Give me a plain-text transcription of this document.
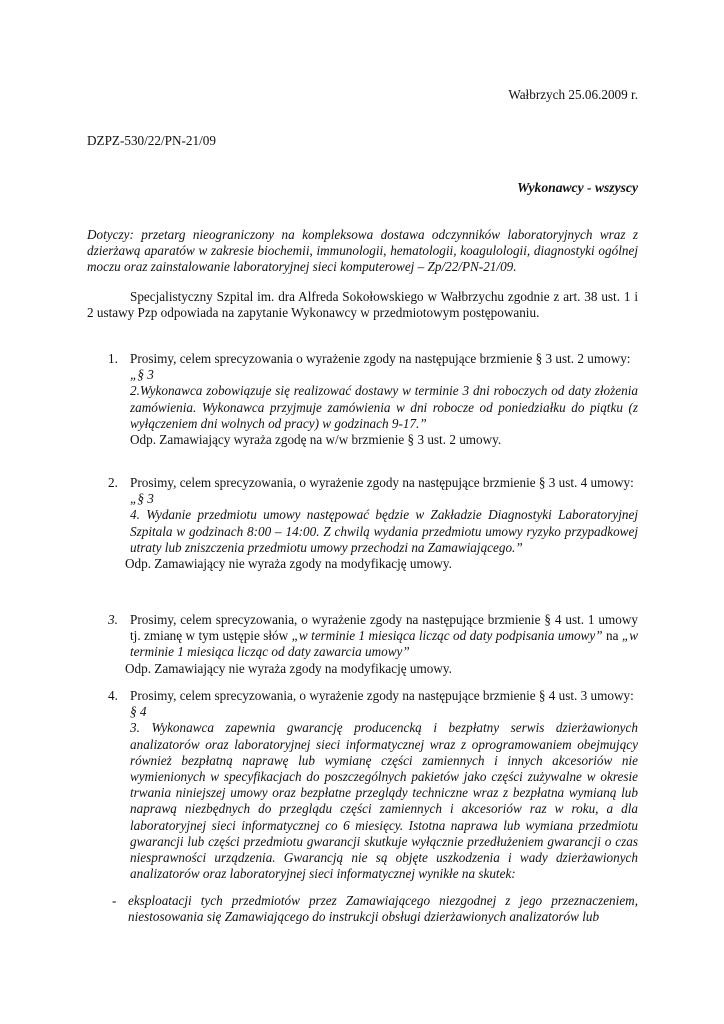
Wałbrzych 25.06.2009 r.
DZPZ-530/22/PN-21/09
Wykonawcy - wszyscy
Dotyczy: przetarg nieograniczony na kompleksowa dostawa odczynników laboratoryjnych wraz z dzierżawą aparatów w zakresie biochemii, immunologii, hematologii, koagulologii, diagnostyki ogólnej moczu oraz zainstalowanie laboratoryjnej sieci komputerowej – Zp/22/PN-21/09.
Specjalistyczny Szpital im. dra Alfreda Sokołowskiego w Wałbrzychu zgodnie z art. 38 ust. 1 i 2 ustawy Pzp odpowiada na zapytanie Wykonawcy w przedmiotowym postępowaniu.
1. Prosimy, celem sprecyzowania o wyrażenie zgody na następujące brzmienie § 3 ust. 2 umowy:
„§ 3
2.Wykonawca zobowiązuje się realizować dostawy w terminie 3 dni roboczych od daty złożenia zamówienia. Wykonawca przyjmuje zamówienia w dni robocze od poniedziałku do piątku (z wyłączeniem dni wolnych od pracy) w godzinach 9-17.”
Odp. Zamawiający wyraża zgodę na w/w brzmienie § 3 ust. 2 umowy.
2. Prosimy, celem sprecyzowania, o wyrażenie zgody na następujące brzmienie § 3 ust. 4 umowy:
„§ 3
4. Wydanie przedmiotu umowy następować będzie w Zakładzie Diagnostyki Laboratoryjnej Szpitala w godzinach 8:00 – 14:00. Z chwilą wydania przedmiotu umowy ryzyko przypadkowej utraty lub zniszczenia przedmiotu umowy przechodzi na Zamawiającego.”
Odp. Zamawiający nie wyraża zgody na modyfikację umowy.
3. Prosimy, celem sprecyzowania, o wyrażenie zgody na następujące brzmienie § 4 ust. 1 umowy tj. zmianę w tym ustępie słów „w terminie 1 miesiąca licząc od daty podpisania umowy” na „w terminie 1 miesiąca licząc od daty zawarcia umowy”
Odp. Zamawiający nie wyraża zgody na modyfikację umowy.
4. Prosimy, celem sprecyzowania, o wyrażenie zgody na następujące brzmienie § 4 ust. 3 umowy:
§ 4
3. Wykonawca zapewnia gwarancję producencką i bezpłatny serwis dzierżawionych analizatorów oraz laboratoryjnej sieci informatycznej wraz z oprogramowaniem obejmujący również bezpłatną naprawę lub wymianę części zamiennych i innych akcesoriów nie wymienionych w specyfikacjach do poszczególnych pakietów jako części zużywalne w okresie trwania niniejszej umowy oraz bezpłatne przeglądy techniczne wraz z bezpłatna wymianą lub naprawą niezbędnych do przeglądu części zamiennych i akcesoriów raz w roku, a dla laboratoryjnej sieci informatycznej co 6 miesięcy. Istotna naprawa lub wymiana przedmiotu gwarancji lub części przedmiotu gwarancji skutkuje wyłącznie przedłużeniem gwarancji o czas niesprawności urządzenia. Gwarancją nie są objęte uszkodzenia i wady dzierżawionych analizatorów oraz laboratoryjnej sieci informatycznej wynikłe na skutek:
- eksploatacji tych przedmiotów przez Zamawiającego niezgodnej z jego przeznaczeniem, niestosowania się Zamawiającego do instrukcji obsługi dzierżawionych analizatorów lub
